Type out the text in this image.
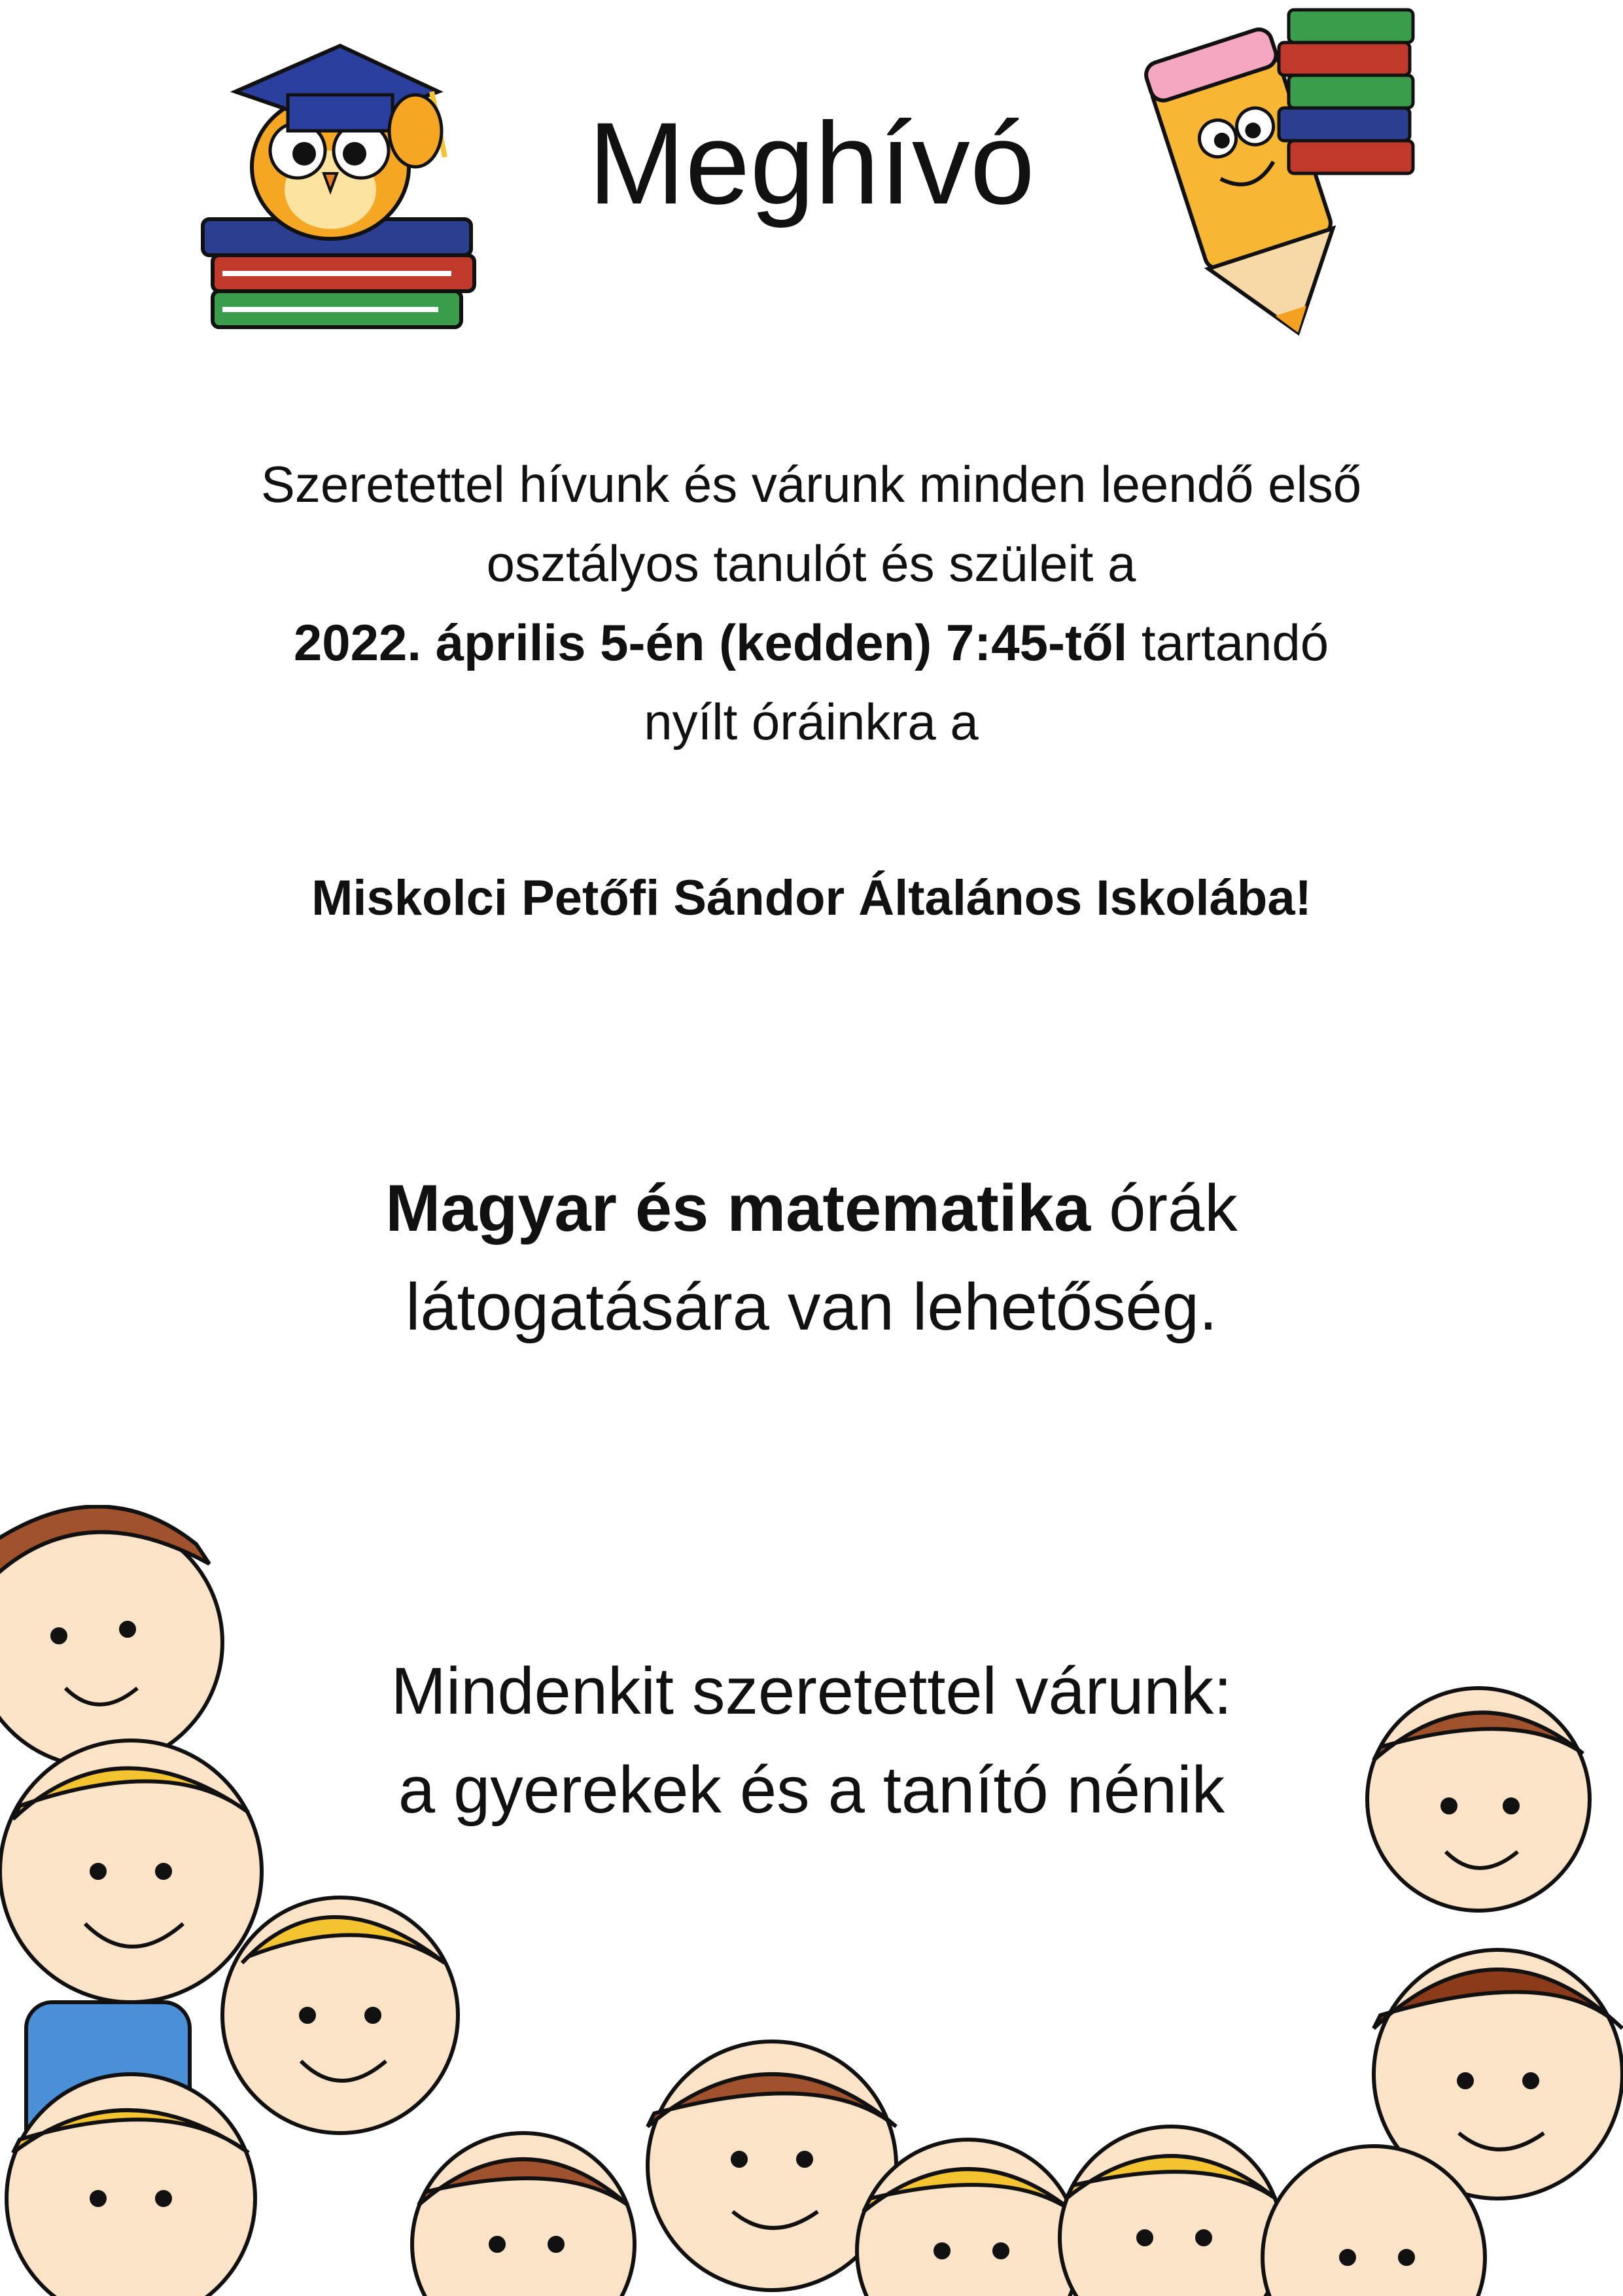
Meghívó
Szeretettel hívunk és várunk minden leendő első
osztályos tanulót és szüleit a
2022. április 5-én (kedden) 7:45-től tartandó
nyílt óráinkra a
Miskolci Petőfi Sándor Általános Iskolába!
Magyar és matematika órák
látogatására van lehetőség.
Mindenkit szeretettel várunk:
a gyerekek és a tanító nénik
